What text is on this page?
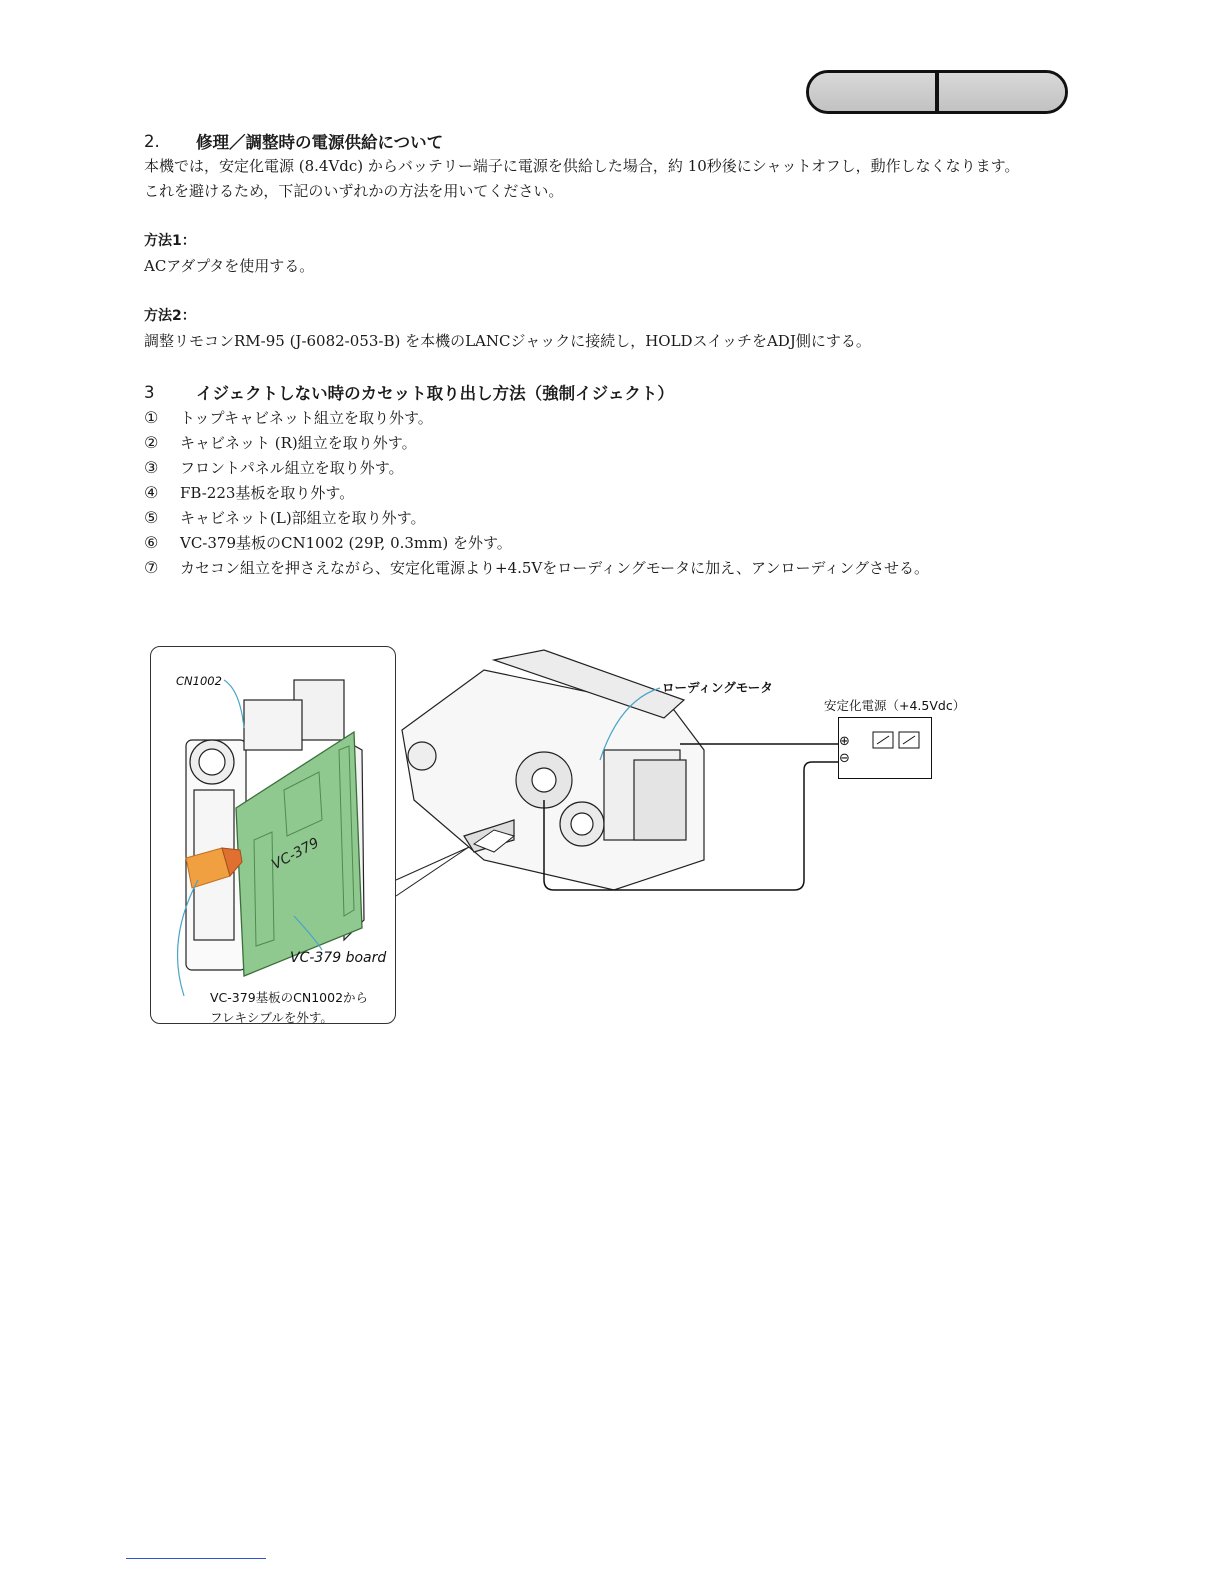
2.	修理／調整時の電源供給について
本機では，安定化電源 (8.4Vdc) からバッテリー端子に電源を供給した場合，約 10秒後にシャットオフし，動作しなくなります。
これを避けるため，下記のいずれかの方法を用いてください。
方法1：
ACアダプタを使用する。
方法2：
調整リモコンRM-95 (J-6082-053-B) を本機のLANCジャックに接続し，HOLDスイッチをADJ側にする。
3	イジェクトしない時のカセット取り出し方法（強制イジェクト）
①	トップキャビネット組立を取り外す。
②	キャビネット (R)組立を取り外す。
③	フロントパネル組立を取り外す。
④	FB-223基板を取り外す。
⑤	キャビネット(L)部組立を取り外す。
⑥	VC-379基板のCN1002 (29P, 0.3mm) を外す。
⑦	カセコン組立を押さえながら、安定化電源より+4.5Vをローディングモータに加え、アンローディングさせる。
CN1002
VC-379
VC-379 board
VC-379基板のCN1002から
フレキシブルを外す。
ローディングモータ
安定化電源（+4.5Vdc）
⊕
⊖
